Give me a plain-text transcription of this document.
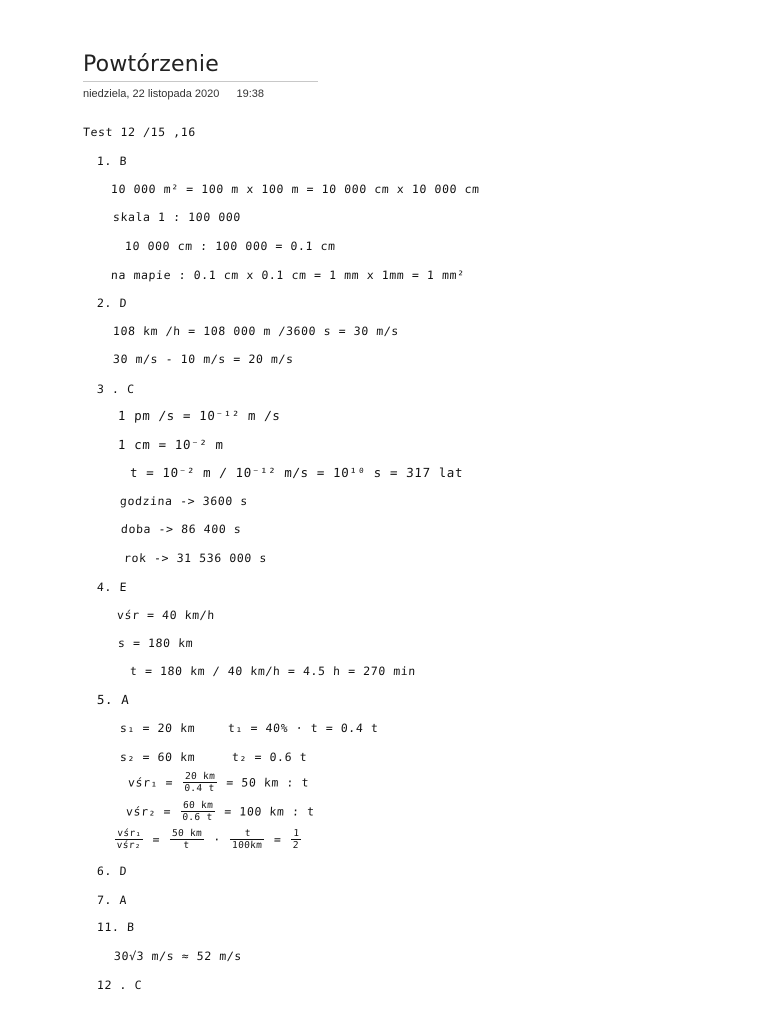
Powtórzenie
niedziela, 22 listopada 2020 19:38
Test 12 /15 ,16
1. B
10 000 m² = 100 m x 100 m = 10 000 cm x 10 000 cm
skala 1 : 100 000
10 000 cm : 100 000 = 0.1 cm
na mapie : 0.1 cm x 0.1 cm = 1 mm x 1mm = 1 mm²
2. D
108 km /h = 108 000 m /3600 s = 30 m/s
30 m/s - 10 m/s = 20 m/s
3 . C
1 pm /s = 10⁻¹² m /s
1 cm = 10⁻² m
t = 10⁻² m / 10⁻¹² m/s = 10¹⁰ s = 317 lat
godzina -> 3600 s
doba -> 86 400 s
rok -> 31 536 000 s
4. E
vśr = 40 km/h
s = 180 km
t = 180 km / 40 km/h = 4.5 h = 270 min
5. A
s₁ = 20 km	t₁ = 40% · t = 0.4 t
s₂ = 60 km	t₂ = 0.6 t
vśr₁ = $\frac{20 km}{0.4 t} = 50$ km : t
vśr₂ = $\frac{60 km}{0.6 t} = 100$ km : t
$\frac{\text{vśr₁}}{\text{vśr₂}} = \frac{50 km}{t} \cdot \frac{t}{100km} = \frac{1}{2}$
6. D
7. A
11. B
30√3 m/s ≈ 52 m/s
12 . C
